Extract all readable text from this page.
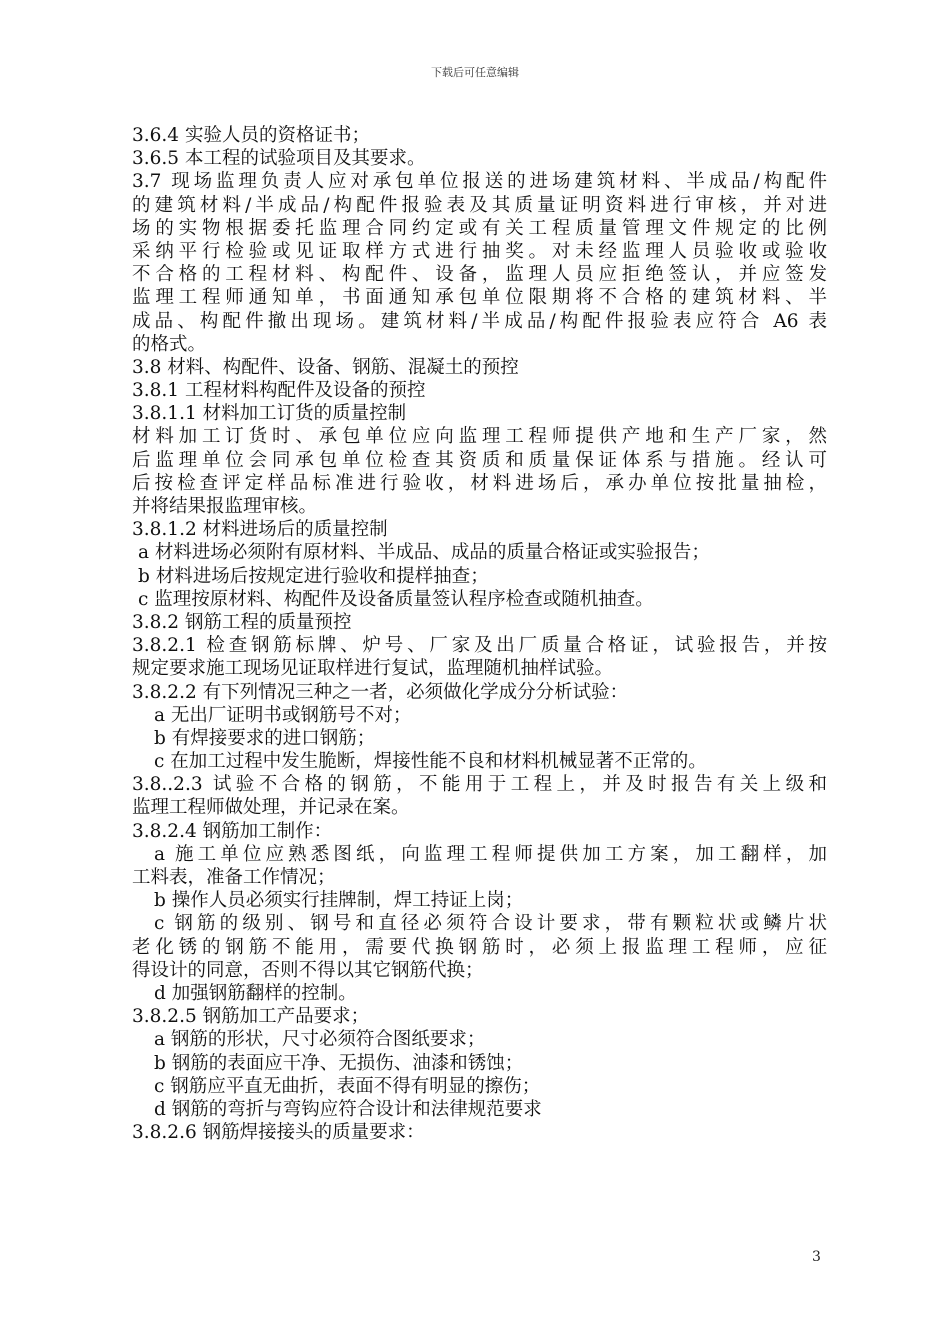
下载后可任意编辑
3.6.4 实验人员的资格证书；
3.6.5 本工程的试验项目及其要求。
3.7 现场监理负责人应对承包单位报送的进场建筑材料、半成品/构配件
的建筑材料/半成品/构配件报验表及其质量证明资料进行审核，并对进
场的实物根据委托监理合同约定或有关工程质量管理文件规定的比例
采纳平行检验或见证取样方式进行抽奖。对未经监理人员验收或验收
不合格的工程材料、构配件、设备，监理人员应拒绝签认，并应签发
监理工程师通知单，书面通知承包单位限期将不合格的建筑材料、半
成品、构配件撤出现场。建筑材料/半成品/构配件报验表应符合 A6 表
的格式。
3.8 材料、构配件、设备、钢筋、混凝土的预控
3.8.1 工程材料构配件及设备的预控
3.8.1.1 材料加工订货的质量控制
材料加工订货时、承包单位应向监理工程师提供产地和生产厂家，然
后监理单位会同承包单位检查其资质和质量保证体系与措施。经认可
后按检查评定样品标准进行验收，材料进场后，承办单位按批量抽检，
并将结果报监理审核。
3.8.1.2 材料进场后的质量控制
a 材料进场必须附有原材料、半成品、成品的质量合格证或实验报告；
b 材料进场后按规定进行验收和提样抽查；
c 监理按原材料、构配件及设备质量签认程序检查或随机抽查。
3.8.2 钢筋工程的质量预控
3.8.2.1 检查钢筋标牌、炉号、厂家及出厂质量合格证，试验报告，并按
规定要求施工现场见证取样进行复试，监理随机抽样试验。
3.8.2.2 有下列情况三种之一者，必须做化学成分分析试验：
a 无出厂证明书或钢筋号不对；
b 有焊接要求的进口钢筋；
c 在加工过程中发生脆断，焊接性能不良和材料机械显著不正常的。
3.8..2.3 试验不合格的钢筋，不能用于工程上，并及时报告有关上级和
监理工程师做处理，并记录在案。
3.8.2.4 钢筋加工制作：
a 施工单位应熟悉图纸，向监理工程师提供加工方案，加工翻样，加
工料表，准备工作情况；
b 操作人员必须实行挂牌制，焊工持证上岗；
c 钢筋的级别、钢号和直径必须符合设计要求，带有颗粒状或鳞片状
老化锈的钢筋不能用，需要代换钢筋时，必须上报监理工程师，应征
得设计的同意，否则不得以其它钢筋代换；
d 加强钢筋翻样的控制。
3.8.2.5 钢筋加工产品要求；
a 钢筋的形状，尺寸必须符合图纸要求；
b 钢筋的表面应干净、无损伤、油漆和锈蚀；
c 钢筋应平直无曲折，表面不得有明显的擦伤；
d 钢筋的弯折与弯钩应符合设计和法律规范要求
3.8.2.6 钢筋焊接接头的质量要求：
3
